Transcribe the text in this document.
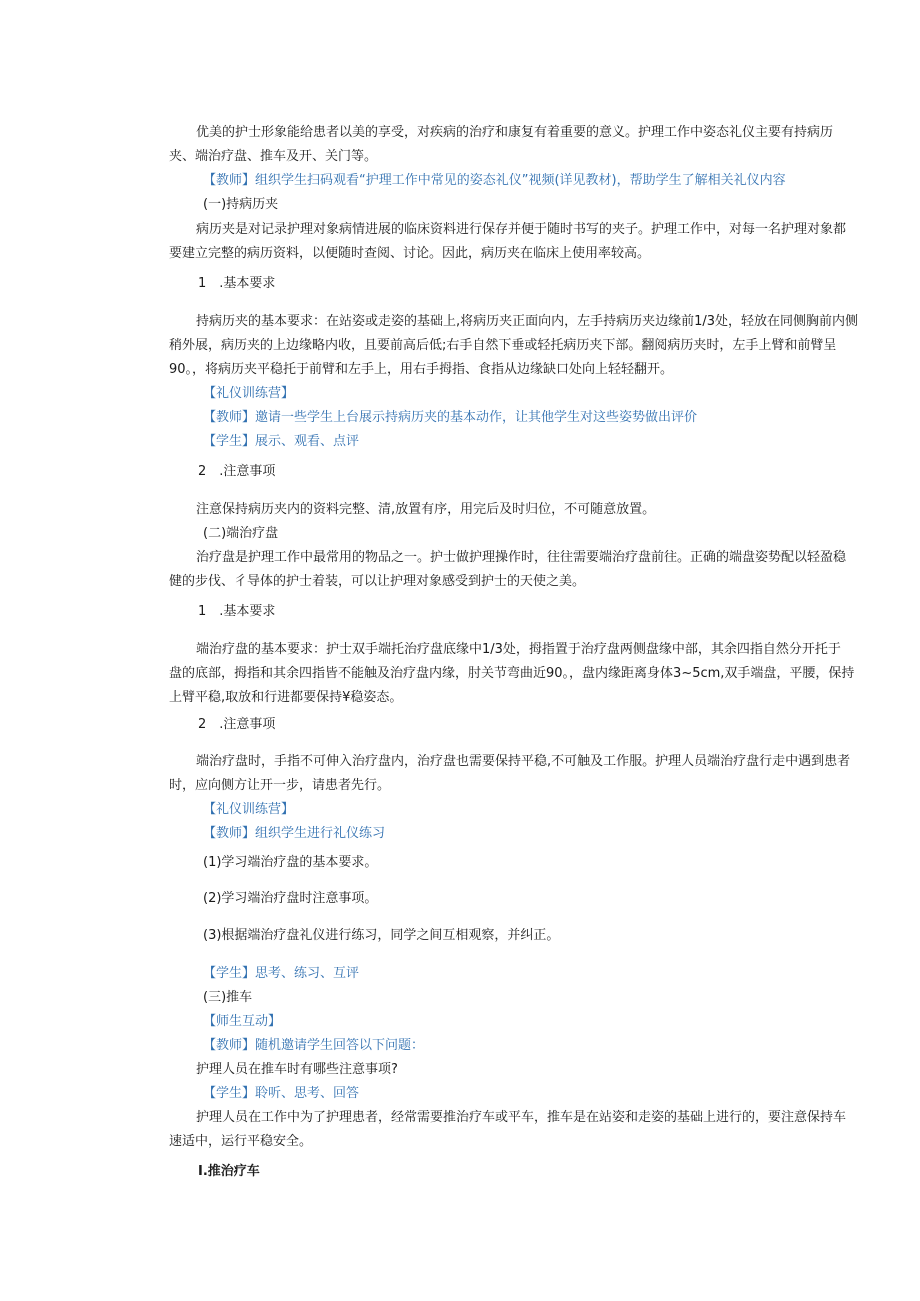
优美的护士形象能给患者以美的享受，对疾病的治疗和康复有着重要的意义。护理工作中姿态礼仪主要有持病历
夹、端治疗盘、推车及开、关门等。
【教师】组织学生扫码观看“护理工作中常见的姿态礼仪”视频(详见教材)，帮助学生了解相关礼仪内容
(一)持病历夹
病历夹是对记录护理对象病情进展的临床资料进行保存并便于随时书写的夹子。护理工作中，对每一名护理对象都
要建立完整的病历资料，以便随时查阅、讨论。因此，病历夹在临床上使用率较高。
1　.基本要求
持病历夹的基本要求：在站姿或走姿的基础上,将病历夹正面向内，左手持病历夹边缘前1/3处，轻放在同侧胸前内侧
稍外展，病历夹的上边缘略内收，且要前高后低;右手自然下垂或轻托病历夹下部。翻阅病历夹时，左手上臂和前臂呈
90。，将病历夹平稳托于前臂和左手上，用右手拇指、食指从边缘缺口处向上轻轻翻开。
【礼仪训练营】
【教师】邀请一些学生上台展示持病历夹的基本动作，让其他学生对这些姿势做出评价
【学生】展示、观看、点评
2　.注意事项
注意保持病历夹内的资料完整、清,放置有序，用完后及时归位，不可随意放置。
(二)端治疗盘
治疗盘是护理工作中最常用的物品之一。护士做护理操作时，往往需要端治疗盘前往。正确的端盘姿势配以轻盈稳
健的步伐、彳导体的护士着装，可以让护理对象感受到护士的天使之美。
1　.基本要求
端治疗盘的基本要求：护士双手端托治疗盘底缘中1/3处，拇指置于治疗盘两侧盘缘中部，其余四指自然分开托于
盘的底部，拇指和其余四指皆不能触及治疗盘内缘，肘关节弯曲近90。，盘内缘距离身体3~5cm,双手端盘，平腰，保持
上臂平稳,取放和行进都要保持¥稳姿态。
2　.注意事项
端治疗盘时，手指不可伸入治疗盘内，治疗盘也需要保持平稳,不可触及工作服。护理人员端治疗盘行走中遇到患者
时，应向侧方让开一步，请患者先行。
【礼仪训练营】
【教师】组织学生进行礼仪练习
(1)学习端治疗盘的基本要求。
(2)学习端治疗盘时注意事项。
(3)根据端治疗盘礼仪进行练习，同学之间互相观察，并纠正。
【学生】思考、练习、互评
(三)推车
【师生互动】
【教师】随机邀请学生回答以下问题：
护理人员在推车时有哪些注意事项?
【学生】聆听、思考、回答
护理人员在工作中为了护理患者，经常需要推治疗车或平车，推车是在站姿和走姿的基础上进行的，要注意保持车
速适中，运行平稳安全。
I.推治疗车
